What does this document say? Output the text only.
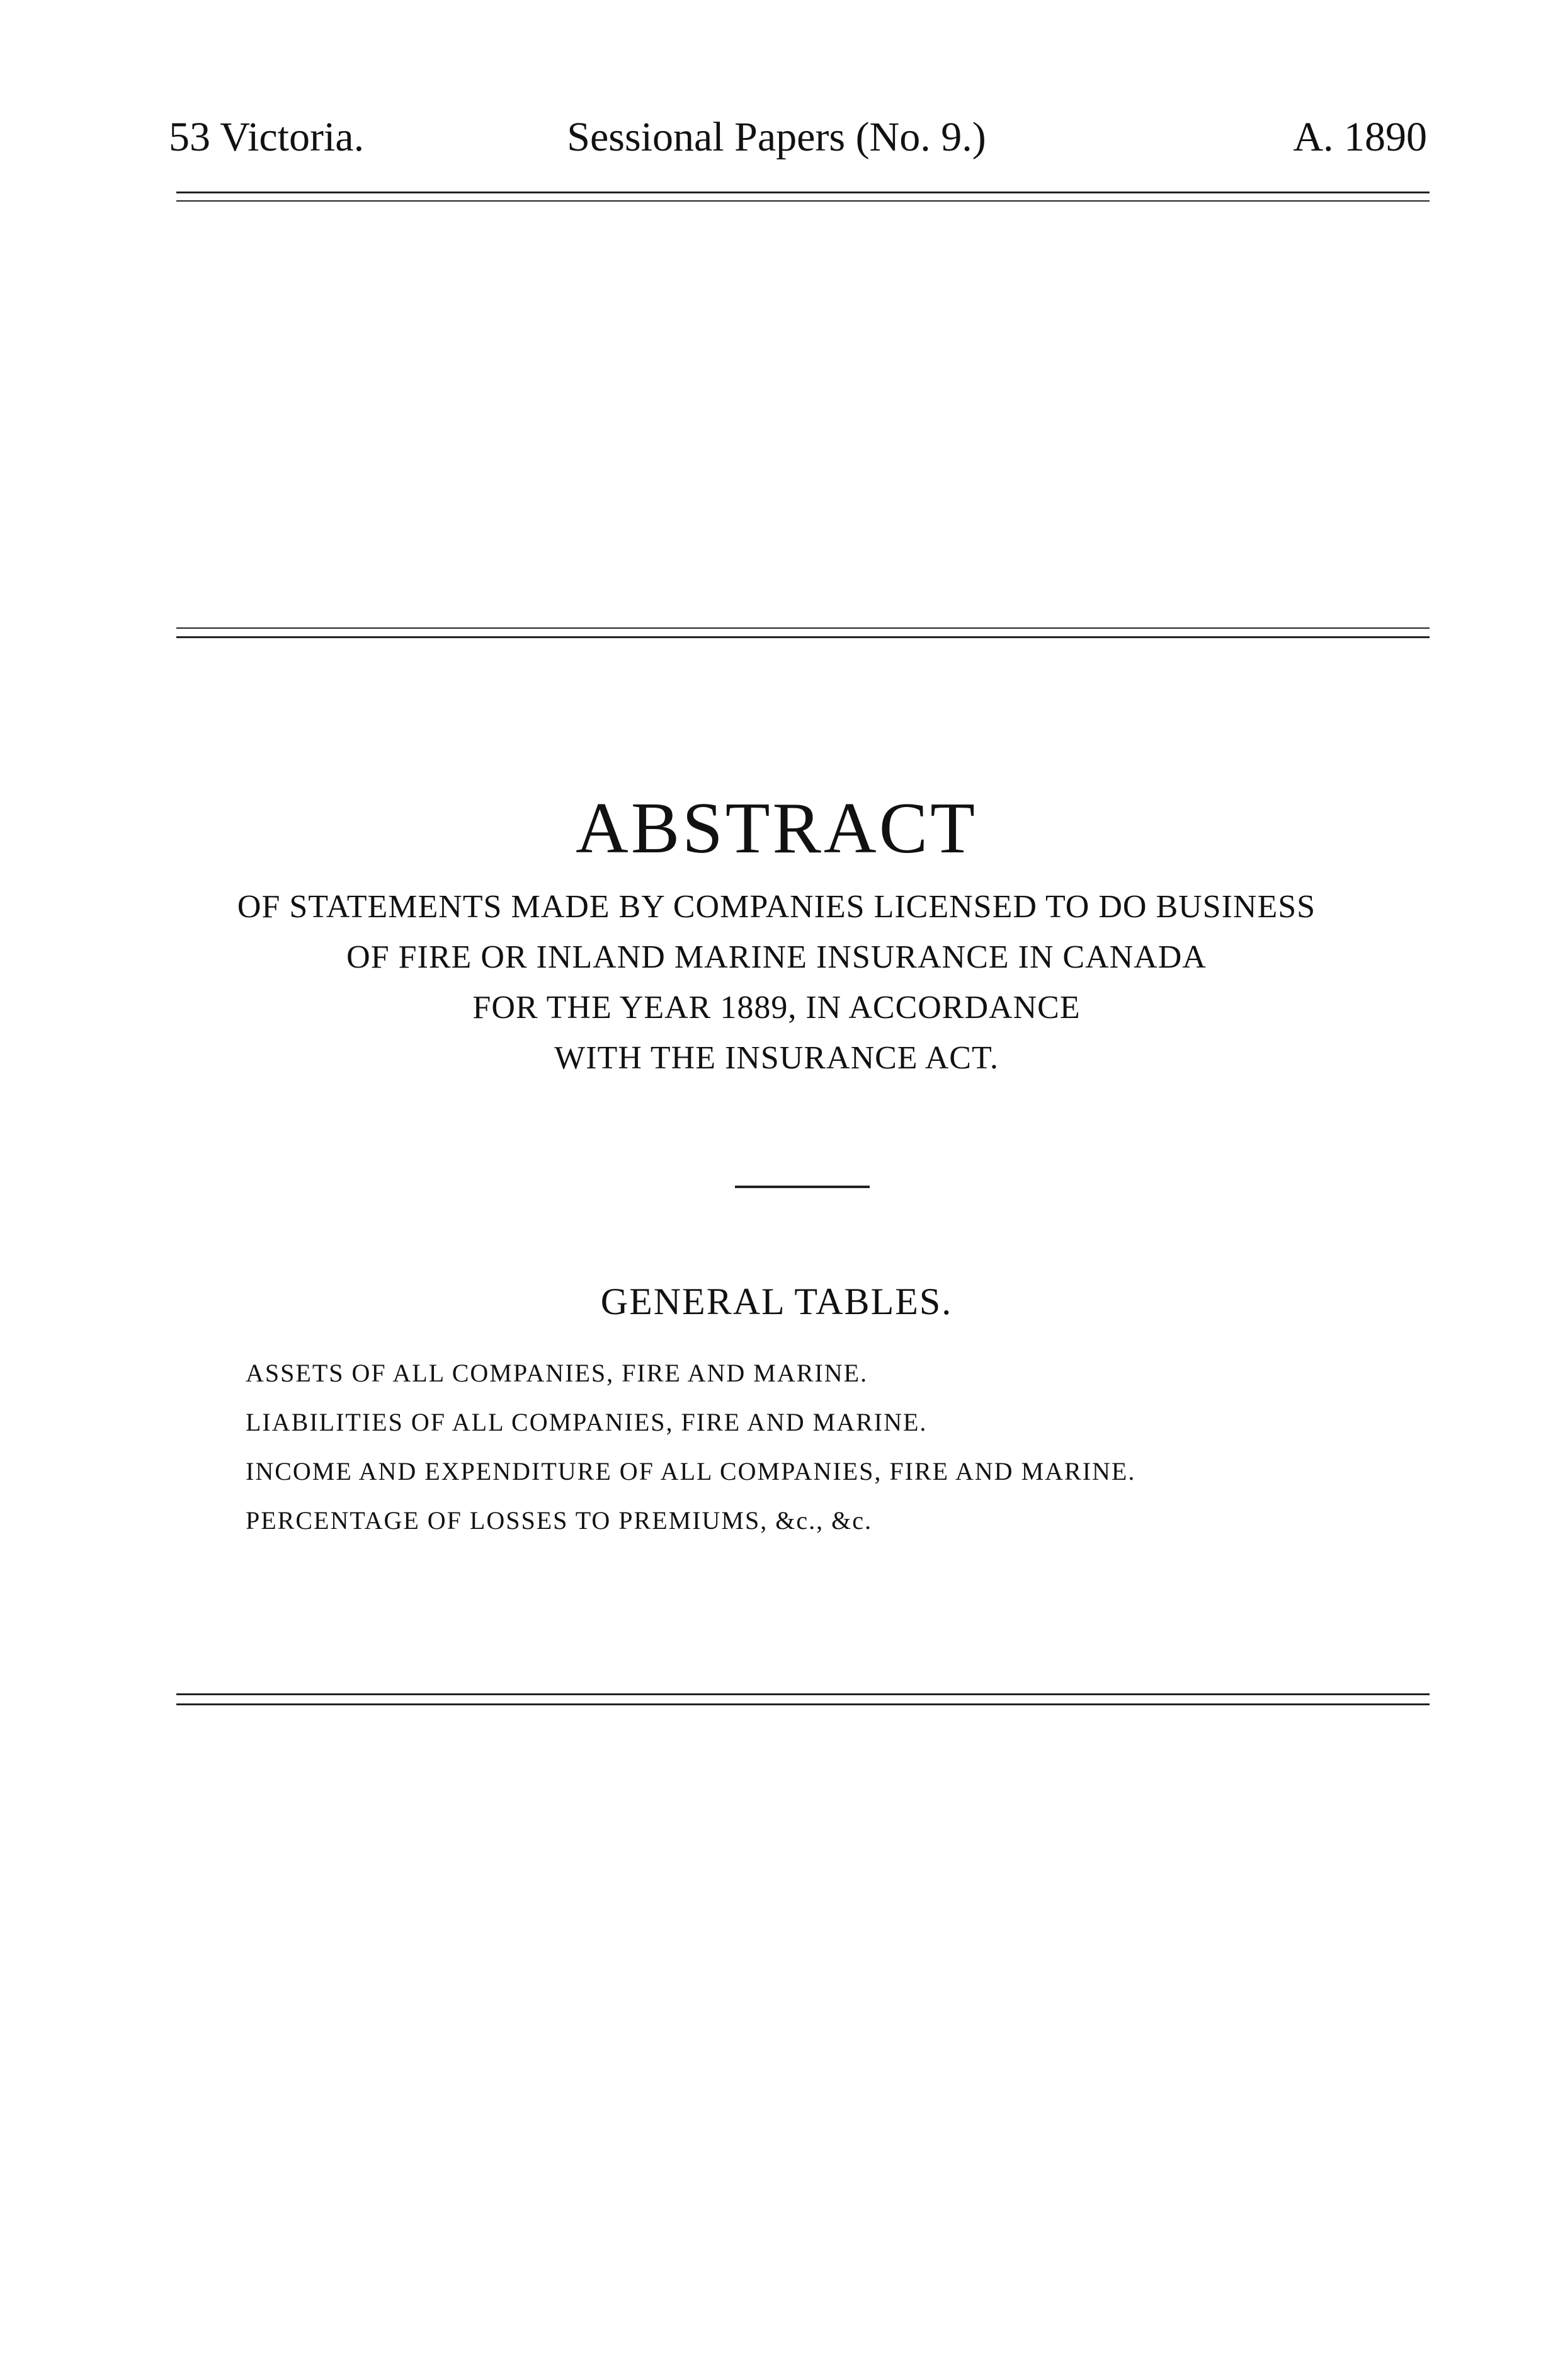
53 Victoria.	Sessional Papers (No. 9.)	A. 1890
ABSTRACT
OF STATEMENTS MADE BY COMPANIES LICENSED TO DO BUSINESS
OF FIRE OR INLAND MARINE INSURANCE IN CANADA
FOR THE YEAR 1889, IN ACCORDANCE
WITH THE INSURANCE ACT.
GENERAL TABLES.
ASSETS OF ALL COMPANIES, FIRE AND MARINE.
LIABILITIES OF ALL COMPANIES, FIRE AND MARINE.
INCOME AND EXPENDITURE OF ALL COMPANIES, FIRE AND MARINE.
PERCENTAGE OF LOSSES TO PREMIUMS, &c., &c.
